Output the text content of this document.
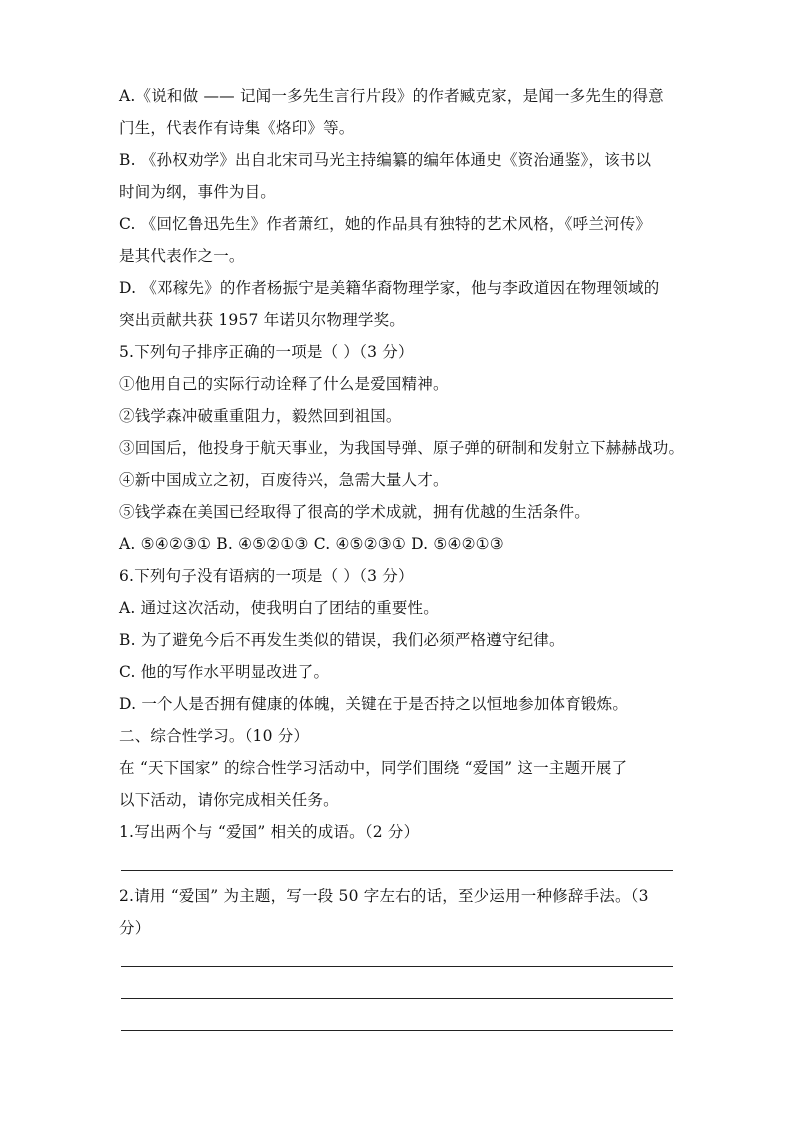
A.《说和做 —— 记闻一多先生言行片段》的作者臧克家，是闻一多先生的得意
门生，代表作有诗集《烙印》等。
B. 《孙权劝学》出自北宋司马光主持编纂的编年体通史《资治通鉴》，该书以
时间为纲，事件为目。
C. 《回忆鲁迅先生》作者萧红，她的作品具有独特的艺术风格，《呼兰河传》
是其代表作之一。
D. 《邓稼先》的作者杨振宁是美籍华裔物理学家，他与李政道因在物理领域的
突出贡献共获 1957 年诺贝尔物理学奖。
5.下列句子排序正确的一项是（ ）（3 分）
①他用自己的实际行动诠释了什么是爱国精神。
②钱学森冲破重重阻力，毅然回到祖国。
③回国后，他投身于航天事业，为我国导弹、原子弹的研制和发射立下赫赫战功。
④新中国成立之初，百废待兴，急需大量人才。
⑤钱学森在美国已经取得了很高的学术成就，拥有优越的生活条件。
A. ⑤④②③① B. ④⑤②①③ C. ④⑤②③① D. ⑤④②①③
6.下列句子没有语病的一项是（ ）（3 分）
A. 通过这次活动，使我明白了团结的重要性。
B. 为了避免今后不再发生类似的错误，我们必须严格遵守纪律。
C. 他的写作水平明显改进了。
D. 一个人是否拥有健康的体魄，关键在于是否持之以恒地参加体育锻炼。
二、综合性学习。（10 分）
在 “天下国家” 的综合性学习活动中，同学们围绕 “爱国” 这一主题开展了
以下活动，请你完成相关任务。
1.写出两个与 “爱国” 相关的成语。（2 分）
2.请用 “爱国” 为主题，写一段 50 字左右的话，至少运用一种修辞手法。（3
分）
